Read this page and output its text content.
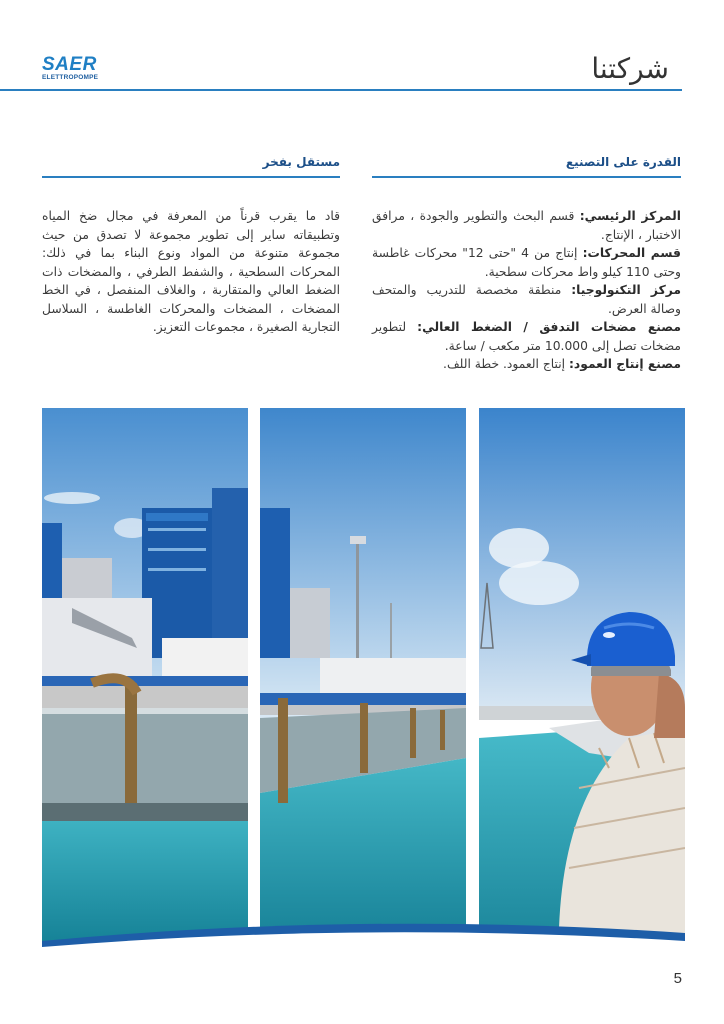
SAER
ELETTROPOMPE	شركتنا
القدرة على التصنيع

المركز الرئيسي: قسم البحث والتطوير والجودة ، مرافق الاختبار ، الإنتاج.
قسم المحركات: إنتاج من 4 "حتى 12" محركات غاطسة وحتى 110 كيلو واط محركات سطحية.
مركز التكنولوجيا: منطقة مخصصة للتدريب والمتحف وصالة العرض.
مصنع مضخات التدفق / الضغط العالي: لتطوير مضخات تصل إلى 10.000 متر مكعب / ساعة.
مصنع إنتاج العمود: إنتاج العمود. خطة اللف.

مستقل بفخر

قاد ما يقرب قرناً من المعرفة في مجال ضخ المياه وتطبيقاته ساير إلى تطوير مجموعة لا تصدق من حيث مجموعة متنوعة من المواد ونوع البناء بما في ذلك: المحركات السطحية ، والشفط الطرفي ، والمضخات ذات الضغط العالي والمتقاربة ، والغلاف المنفصل ، في الخط المضخات ، المضخات والمحركات الغاطسة ، السلاسل التجارية الصغيرة ، مجموعات التعزيز.

5
